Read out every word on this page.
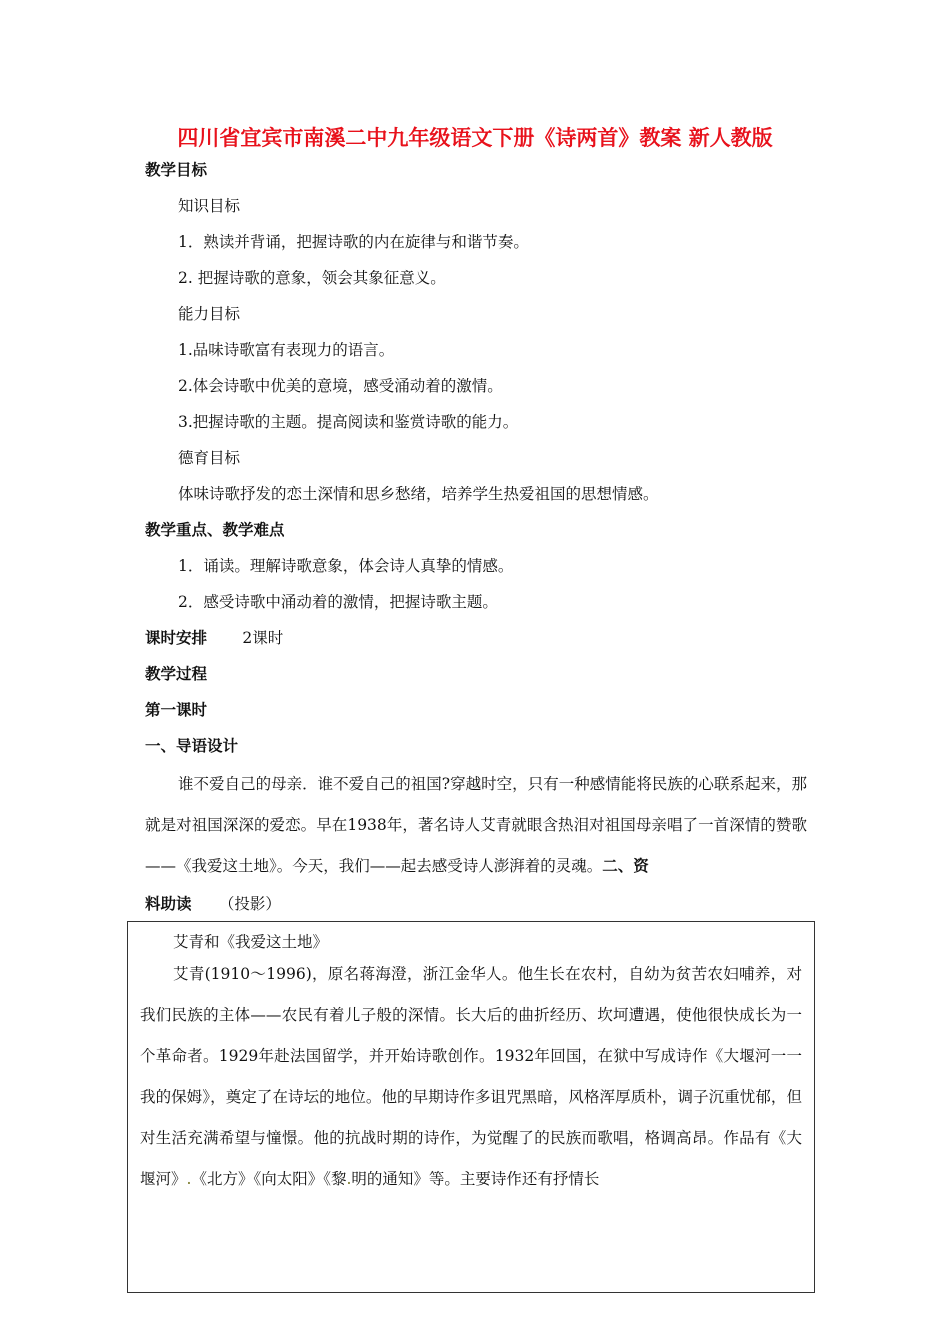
四川省宜宾市南溪二中九年级语文下册《诗两首》教案 新人教版
教学目标
知识目标
1．熟读并背诵，把握诗歌的内在旋律与和谐节奏。
2. 把握诗歌的意象，领会其象征意义。
能力目标
1.品味诗歌富有表现力的语言。
2.体会诗歌中优美的意境，感受涌动着的激情。
3.把握诗歌的主题。提高阅读和鉴赏诗歌的能力。
德育目标
体味诗歌抒发的恋土深情和思乡愁绪，培养学生热爱祖国的思想情感。
教学重点、教学难点
1．诵读。理解诗歌意象，体会诗人真挚的情感。
2．感受诗歌中涌动着的激情，把握诗歌主题。
课时安排 2课时
教学过程
第一课时
一、导语设计
谁不爱自己的母亲．谁不爱自己的祖国?穿越时空，只有一种感情能将民族的心联系起来，那就是对祖国深深的爱恋。早在1938年，著名诗人艾青就眼含热泪对祖国母亲唱了一首深情的赞歌——《我爱这土地》。今天，我们——起去感受诗人澎湃着的灵魂。二、资
料助读 （投影）
艾青和《我爱这土地》
艾青(1910～1996)，原名蒋海澄，浙江金华人。他生长在农村，自幼为贫苦农妇哺养，对我们民族的主体——农民有着儿子般的深情。长大后的曲折经历、坎坷遭遇，使他很快成长为一个革命者。1929年赴法国留学，并开始诗歌创作。1932年回国，在狱中写成诗作《大堰河一一我的保姆》，奠定了在诗坛的地位。他的早期诗作多诅咒黑暗，风格浑厚质朴，调子沉重忧郁，但对生活充满希望与憧憬。他的抗战时期的诗作，为觉醒了的民族而歌唱，格调高昂。作品有《大堰河》.《北方》《向太阳》《黎.明的通知》等。主要诗作还有抒情长
